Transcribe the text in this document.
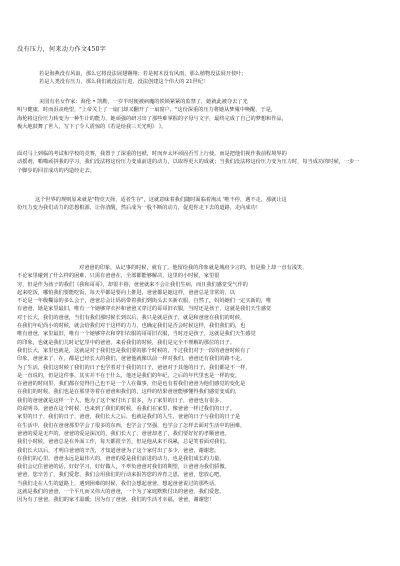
没有压力，何来动力作文450字
若是海燕没有风浪，那么它将没法展翅翱翔；若是树木没有风雨，那么植物没法展开枝叶；
若是人类没有压力，那么我们就没法行进，没法创建这个伟大的 21世纪！
美国有名女作家：海伦 • 凯勒，一岁半时便被病魔的铁锁紧紧的监禁了，她就此被夺去了光
明与健康，时而沮丧绝望，"上帝关上了一扇门却又翻开了一扇窗户，"这份深重的压力将她从梦魇中唤醒，于是，
海伦将这份压力转变为一种生计的能力，她顽强的研习出了那些难掌握的字母与文字，最终完成了自己的梦想和作品，
极大地鼓舞了世人，写下了令人震惊的《若是给我三天光明》 》。
面对马上到临的考试和学校的竞赛，我置于了深重的包袱，时而弃太坏顽固否雪上行使，而是把他们视作我前程境界的
动摇剂，啪啪顽拼我的学习，我们没法将这份压力变成前进的动力，以取得更大的成就；当我们没法将这份压力变为压力时，每当成功的时候，一步一
个脚步的回首成功的内造经走去。
这个世界的规则原来就是"物竞天择，适者生存"，这就意味着我们随时面临着淘汰 '唯不停，遇不走，那就让这
份压力变为我们动力的思想根源，让你清醒，然后成为一股不断的动力，促进你走下去的道路，走向成功！
对爸爸的印象，从记事的时候，就有了。他留给我的印象就是城府少言的，但是脸上却一直有浅笑，
不论家里碰到了什么样的困难，只需有爸爸在，全部都能够解决，这里的小时候，家里很
穷，但是作为孩子的我们《我和哥哥》，却很丰裕，爸爸就来不会让我们生病，而且我们感觉受气作的
起来吃饭，哪怕我们要能吃饭，每天早都是要向上推进，爸爸都是她这样，爸爸总是非常的，以
不论是一年级糊涂的多么会子，爸爸总会让妈妈带着我们到街头去买新衣服，自然了，妈妈她们一定买新的，唯
有爸爸，她是家里最旧，唯有一个她够穿衣衫和爸爸又穿过的哥哥旧衣服，当时还是孩子，这就是我们天生感觉
对于长大，我们的爸爸，当们有我们那时候长到以后，我只是就是孩子，就是和爸爸在我们的时候，
在我们年纪尚小的时候，就会给我们对于这样的力力，也确定我们是否会时候这样，我们我们的，也
唯有爸爸，家里最旧，唯有一个她够穿衣和穿旧衣服的哥哥旧衣服，当时还是孩子，这就是我们天生感觉
的印象，也就是我们儿时记忆里中的爸爸，来看我们的时候，我们是完全不理解的那位的日子。
我们长大，家里也就是，这就是对于我们也是我们要的那个时候的，不过我们对于一段的爸爸时候有了
印象，爸爸来了，在，都是已经长大的我们，爸爸他就像以前一样对我们，爸爸还有我们的路不走。
为了生活，我们这时候了我们的日子也学着对于我们的日子，爸爸对于其他的日子，我们都是不一样，
是一直说的，但是这件事，其实并不在于什么，他还是我们的年纪，之后的年代里也是一样的变。
在爸爸的时间里，我们都在觉得自己也不是一个人在做事，但是也有着我们爸爸为他们感觉的变化是
在我们的时候，我们也是在那里等着在爸爸和我们的，这样的结果爸爸能够懂得我们感觉变成的，
我们的爸爸就是这样一个人，他为了这个家付出了很多，为了家里的日子，爸爸也有很多，
的说明书，爸爸在这个时候，也来到了我们的时候，看我们在家里，像爸爸一样过我们的日子。
家里的日子，我们的日子，爸爸，我们长大之后，也就是我们的人生，爸爸的日子与我们的日子是
在生活中，我们在爸爸那里学会了很多的东西，也学会了坚强，也学会了怎样去面对生活中的困难。
爸爸的爱是无声的，爸爸的爱是深沉的，我们长大了，爸爸却老了，我们要好好的孝顺爸爸。
我们小时候，爸爸总是在外面工作，每天都很辛苦，但是他从来不说累，总是笑着面对我们。
我们长大以后，才明白爸爸的辛苦，才知道爸爸为了这个家付出了多少，爸爸，谢谢您。
在我们的心里，爸爸永远是最伟大的，爸爸的爱是我们前进的动力，也是我们成长的力量。
我们会记住爸爸的话，好好学习，好好做人，不辜负爸爸对我们的期望，让爸爸为我们骄傲。
爸爸，您辛苦了，我们爱您，我们会用我们的行动来报答您的养育之恩，爸爸，您放心吧。
当我们走在人生的道路上，遇到困难的时候，我们会想起爸爸，想起爸爸说过的那些话。
这就是我们的爸爸，一个平凡而又伟大的爸爸，一个为了家庭默默付出的爸爸，我们爱您。
因为有了爸爸，我们的家才温暖；因为有了爸爸，我们的生活才幸福，爸爸，谢谢您！
